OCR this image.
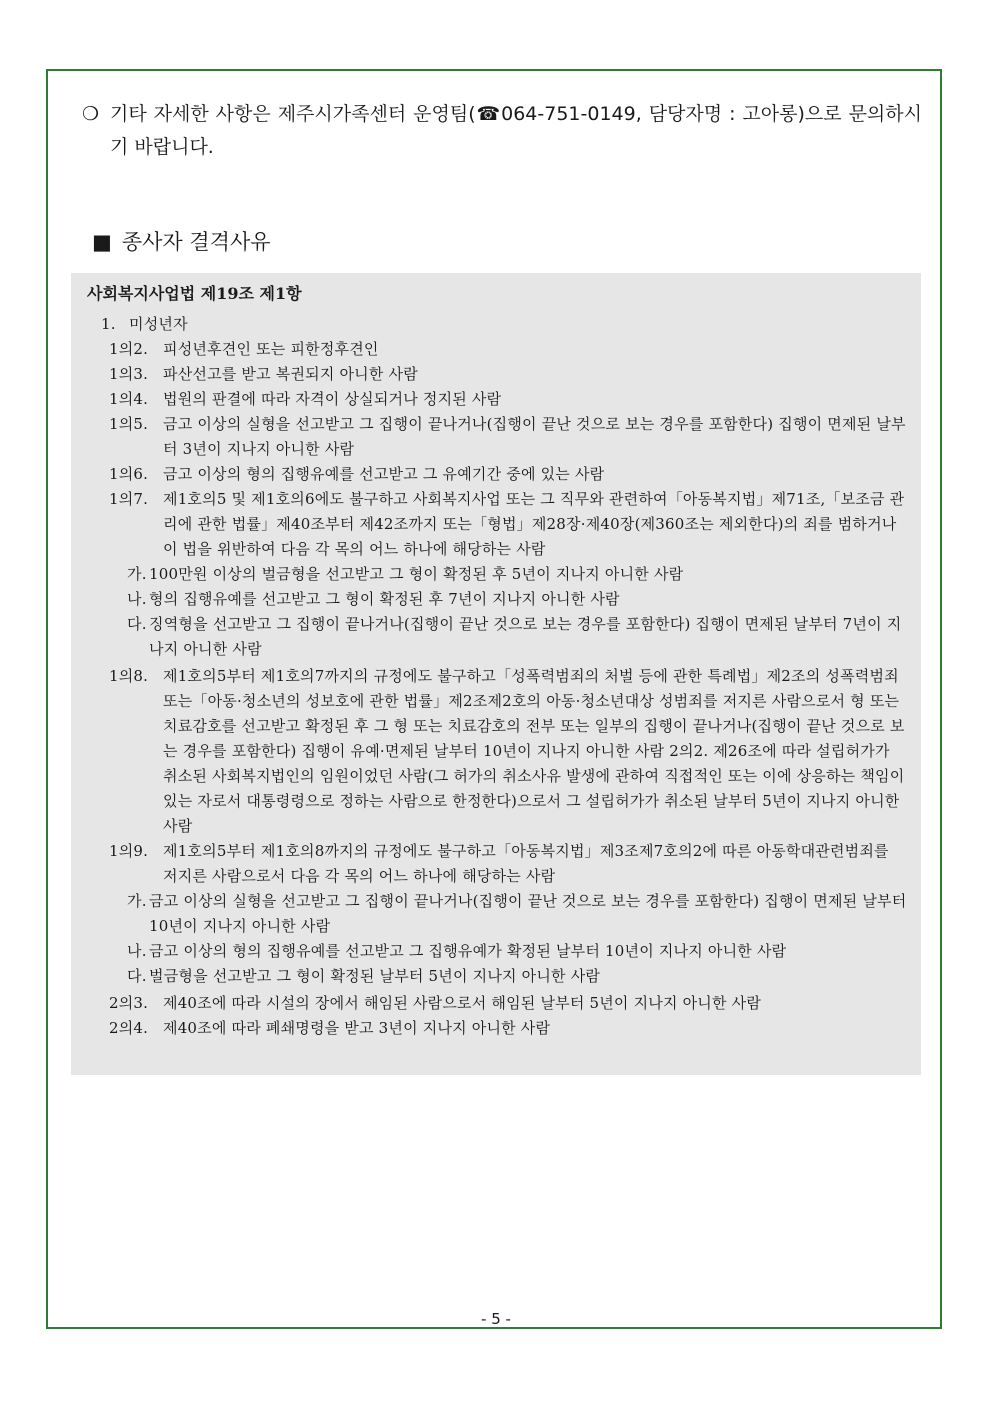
❍ 기타 자세한 사항은 제주시가족센터 운영팀(☎064-751-0149, 담당자명 : 고아롱)으로 문의하시기 바랍니다.
■ 종사자 결격사유
사회복지사업법 제19조 제1항
1. 미성년자
1의2. 피성년후견인 또는 피한정후견인
1의3. 파산선고를 받고 복권되지 아니한 사람
1의4. 법원의 판결에 따라 자격이 상실되거나 정지된 사람
1의5. 금고 이상의 실형을 선고받고 그 집행이 끝나거나(집행이 끝난 것으로 보는 경우를 포함한다) 집행이 면제된 날부터 3년이 지나지 아니한 사람
1의6. 금고 이상의 형의 집행유예를 선고받고 그 유예기간 중에 있는 사람
1의7. 제1호의5 및 제1호의6에도 불구하고 사회복지사업 또는 그 직무와 관련하여「아동복지법」제71조,「보조금 관리에 관한 법률」제40조부터 제42조까지 또는「형법」제28장·제40장(제360조는 제외한다)의 죄를 범하거나 이 법을 위반하여 다음 각 목의 어느 하나에 해당하는 사람
가. 100만원 이상의 벌금형을 선고받고 그 형이 확정된 후 5년이 지나지 아니한 사람
나. 형의 집행유예를 선고받고 그 형이 확정된 후 7년이 지나지 아니한 사람
다. 징역형을 선고받고 그 집행이 끝나거나(집행이 끝난 것으로 보는 경우를 포함한다) 집행이 면제된 날부터 7년이 지나지 아니한 사람
1의8. 제1호의5부터 제1호의7까지의 규정에도 불구하고「성폭력범죄의 처벌 등에 관한 특례법」제2조의 성폭력범죄 또는「아동·청소년의 성보호에 관한 법률」제2조제2호의 아동·청소년대상 성범죄를 저지른 사람으로서 형 또는 치료감호를 선고받고 확정된 후 그 형 또는 치료감호의 전부 또는 일부의 집행이 끝나거나(집행이 끝난 것으로 보는 경우를 포함한다) 집행이 유예·면제된 날부터 10년이 지나지 아니한 사람 2의2. 제26조에 따라 설립허가가 취소된 사회복지법인의 임원이었던 사람(그 허가의 취소사유 발생에 관하여 직접적인 또는 이에 상응하는 책임이 있는 자로서 대통령령으로 정하는 사람으로 한정한다)으로서 그 설립허가가 취소된 날부터 5년이 지나지 아니한 사람
1의9. 제1호의5부터 제1호의8까지의 규정에도 불구하고「아동복지법」제3조제7호의2에 따른 아동학대관련범죄를 저지른 사람으로서 다음 각 목의 어느 하나에 해당하는 사람
가. 금고 이상의 실형을 선고받고 그 집행이 끝나거나(집행이 끝난 것으로 보는 경우를 포함한다) 집행이 면제된 날부터 10년이 지나지 아니한 사람
나. 금고 이상의 형의 집행유예를 선고받고 그 집행유예가 확정된 날부터 10년이 지나지 아니한 사람
다. 벌금형을 선고받고 그 형이 확정된 날부터 5년이 지나지 아니한 사람
2의3. 제40조에 따라 시설의 장에서 해임된 사람으로서 해임된 날부터 5년이 지나지 아니한 사람
2의4. 제40조에 따라 폐쇄명령을 받고 3년이 지나지 아니한 사람
- 5 -
